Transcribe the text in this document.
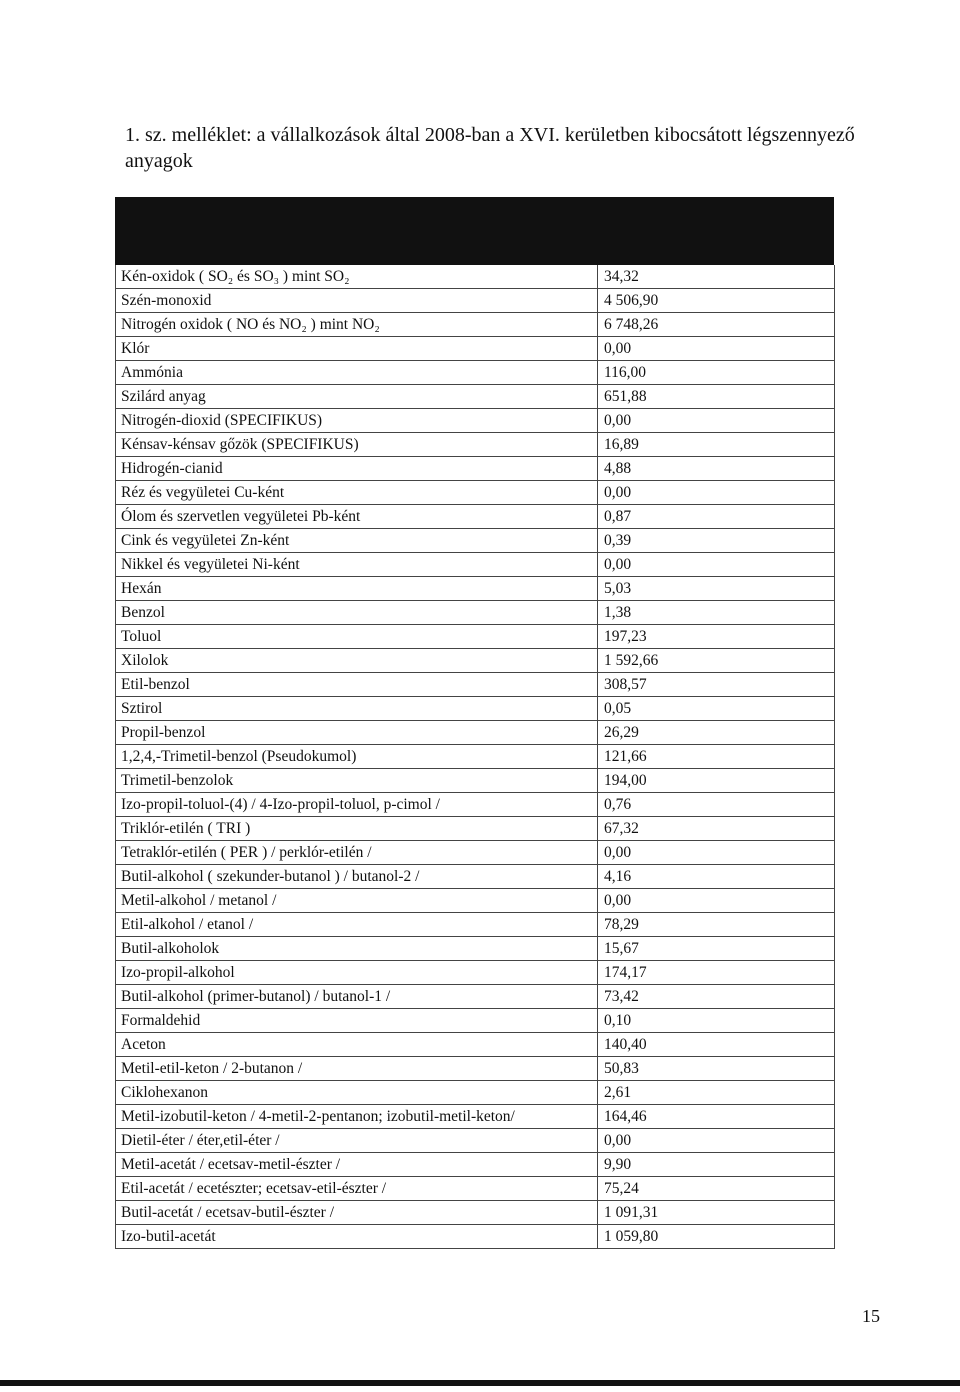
1. sz. melléklet: a vállalkozások által 2008-ban a XVI. kerületben kibocsátott légszennyező anyagok
Kén-oxidok ( SO₂ és SO₃ ) mint SO₂	34,32
Szén-monoxid	4 506,90
Nitrogén oxidok ( NO és NO₂ ) mint NO₂	6 748,26
Klór	0,00
Ammónia	116,00
Szilárd anyag	651,88
Nitrogén-dioxid (SPECIFIKUS)	0,00
Kénsav-kénsav gőzök (SPECIFIKUS)	16,89
Hidrogén-cianid	4,88
Réz és vegyületei Cu-ként	0,00
Ólom és szervetlen vegyületei Pb-ként	0,87
Cink és vegyületei Zn-ként	0,39
Nikkel és vegyületei Ni-ként	0,00
Hexán	5,03
Benzol	1,38
Toluol	197,23
Xilolok	1 592,66
Etil-benzol	308,57
Sztirol	0,05
Propil-benzol	26,29
1,2,4,-Trimetil-benzol (Pseudokumol)	121,66
Trimetil-benzolok	194,00
Izo-propil-toluol-(4) / 4-Izo-propil-toluol, p-cimol /	0,76
Triklór-etilén ( TRI )	67,32
Tetraklór-etilén ( PER ) / perklór-etilén /	0,00
Butil-alkohol ( szekunder-butanol ) / butanol-2 /	4,16
Metil-alkohol / metanol /	0,00
Etil-alkohol / etanol /	78,29
Butil-alkoholok	15,67
Izo-propil-alkohol	174,17
Butil-alkohol (primer-butanol) / butanol-1 /	73,42
Formaldehid	0,10
Aceton	140,40
Metil-etil-keton / 2-butanon /	50,83
Ciklohexanon	2,61
Metil-izobutil-keton / 4-metil-2-pentanon; izobutil-metil-keton/	164,46
Dietil-éter / éter,etil-éter /	0,00
Metil-acetát / ecetsav-metil-észter /	9,90
Etil-acetát / ecetészter; ecetsav-etil-észter /	75,24
Butil-acetát / ecetsav-butil-észter /	1 091,31
Izo-butil-acetát	1 059,80
15
